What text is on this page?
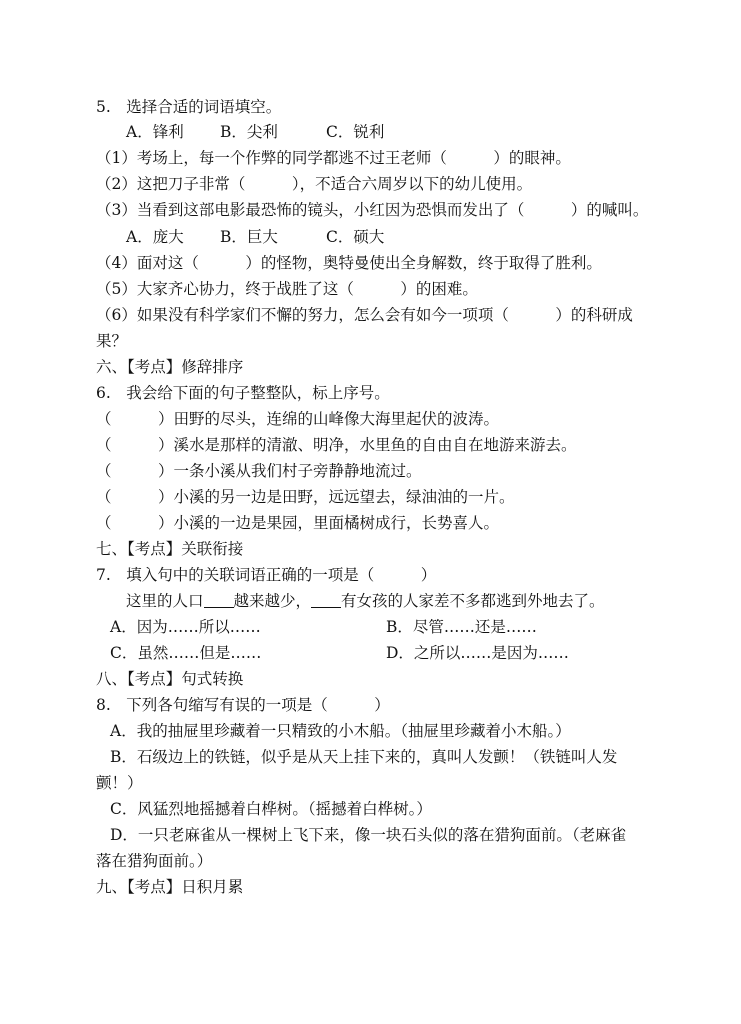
5.　选择合适的词语填空。
A．锋利 B．尖利	C．锐利
（1）考场上，每一个作弊的同学都逃不过王老师（　　　）的眼神。
（2）这把刀子非常（　　　），不适合六周岁以下的幼儿使用。
（3）当看到这部电影最恐怖的镜头，小红因为恐惧而发出了（　　　）的喊叫。
A．庞大 B．巨大	C．硕大
（4）面对这（　　　）的怪物，奥特曼使出全身解数，终于取得了胜利。
（5）大家齐心协力，终于战胜了这（　　　）的困难。
（6）如果没有科学家们不懈的努力，怎么会有如今一项项（　　　）的科研成
果？
六、【考点】修辞排序
6.　我会给下面的句子整整队，标上序号。
（　　　）田野的尽头，连绵的山峰像大海里起伏的波涛。
（　　　）溪水是那样的清澈、明净，水里鱼的自由自在地游来游去。
（　　　）一条小溪从我们村子旁静静地流过。
（　　　）小溪的另一边是田野，远远望去，绿油油的一片。
（　　　）小溪的一边是果园，里面橘树成行，长势喜人。
七、【考点】关联衔接
7.　填入句中的关联词语正确的一项是（　　　）
这里的人口 越来越少， 有女孩的人家差不多都逃到外地去了。
A．因为……所以……	B．尽管……还是……
C．虽然……但是……	D．之所以……是因为……
八、【考点】句式转换
8.　下列各句缩写有误的一项是（　　　）
A．我的抽屉里珍藏着一只精致的小木船。（抽屉里珍藏着小木船。）
B．石级边上的铁链，似乎是从天上挂下来的，真叫人发颤！（铁链叫人发
颤！）
C．风猛烈地摇撼着白桦树。（摇撼着白桦树。）
D．一只老麻雀从一棵树上飞下来，像一块石头似的落在猎狗面前。（老麻雀
落在猎狗面前。）
九、【考点】日积月累
